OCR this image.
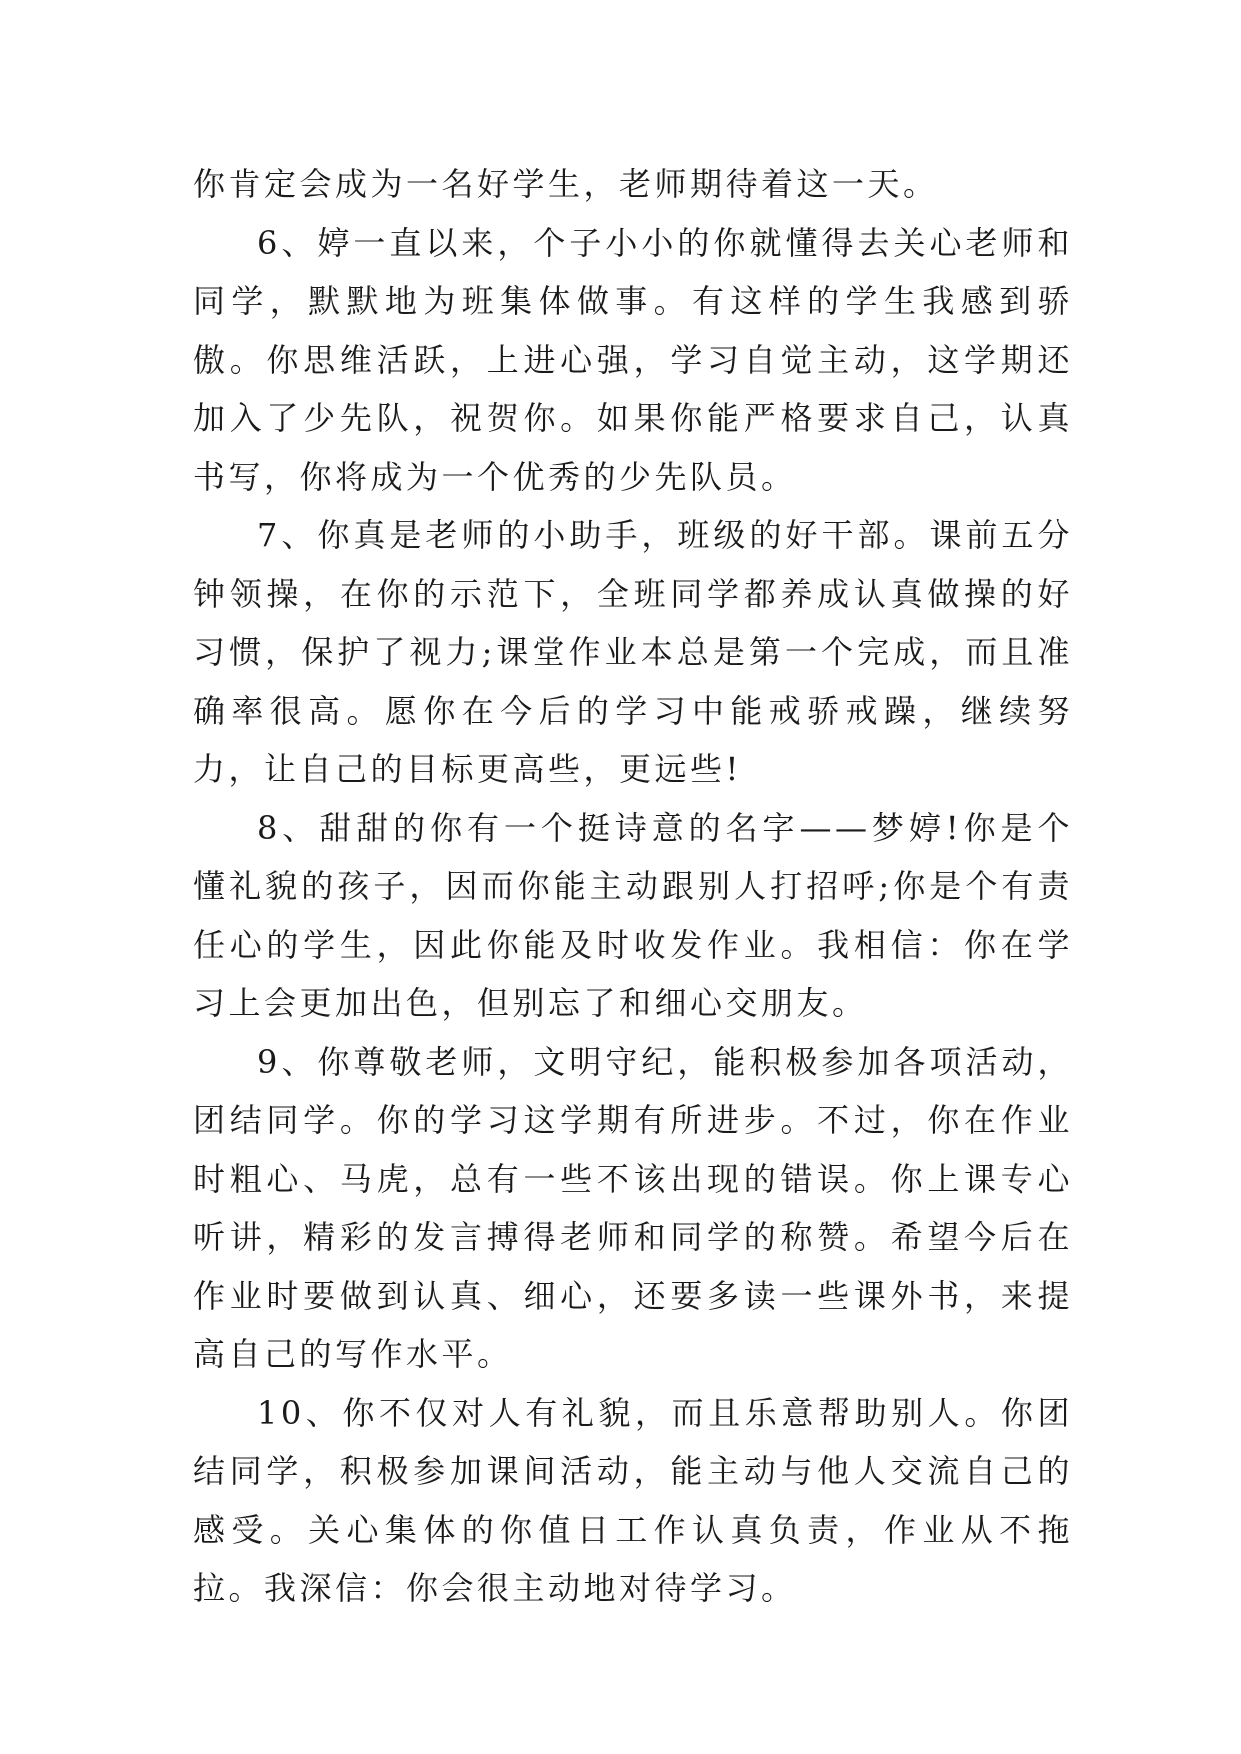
你肯定会成为一名好学生，老师期待着这一天。

6、婷一直以来，个子小小的你就懂得去关心老师和同学，默默地为班集体做事。有这样的学生我感到骄傲。你思维活跃，上进心强，学习自觉主动，这学期还加入了少先队，祝贺你。如果你能严格要求自己，认真书写，你将成为一个优秀的少先队员。

7、你真是老师的小助手，班级的好干部。课前五分钟领操，在你的示范下，全班同学都养成认真做操的好习惯，保护了视力;课堂作业本总是第一个完成，而且准确率很高。愿你在今后的学习中能戒骄戒躁，继续努力，让自己的目标更高些，更远些!

8、甜甜的你有一个挺诗意的名字——梦婷!你是个懂礼貌的孩子，因而你能主动跟别人打招呼;你是个有责任心的学生，因此你能及时收发作业。我相信：你在学习上会更加出色，但别忘了和细心交朋友。

9、你尊敬老师，文明守纪，能积极参加各项活动，团结同学。你的学习这学期有所进步。不过，你在作业时粗心、马虎，总有一些不该出现的错误。你上课专心听讲，精彩的发言搏得老师和同学的称赞。希望今后在作业时要做到认真、细心，还要多读一些课外书，来提高自己的写作水平。

10、你不仅对人有礼貌，而且乐意帮助别人。你团结同学，积极参加课间活动，能主动与他人交流自己的感受。关心集体的你值日工作认真负责，作业从不拖拉。我深信：你会很主动地对待学习。
